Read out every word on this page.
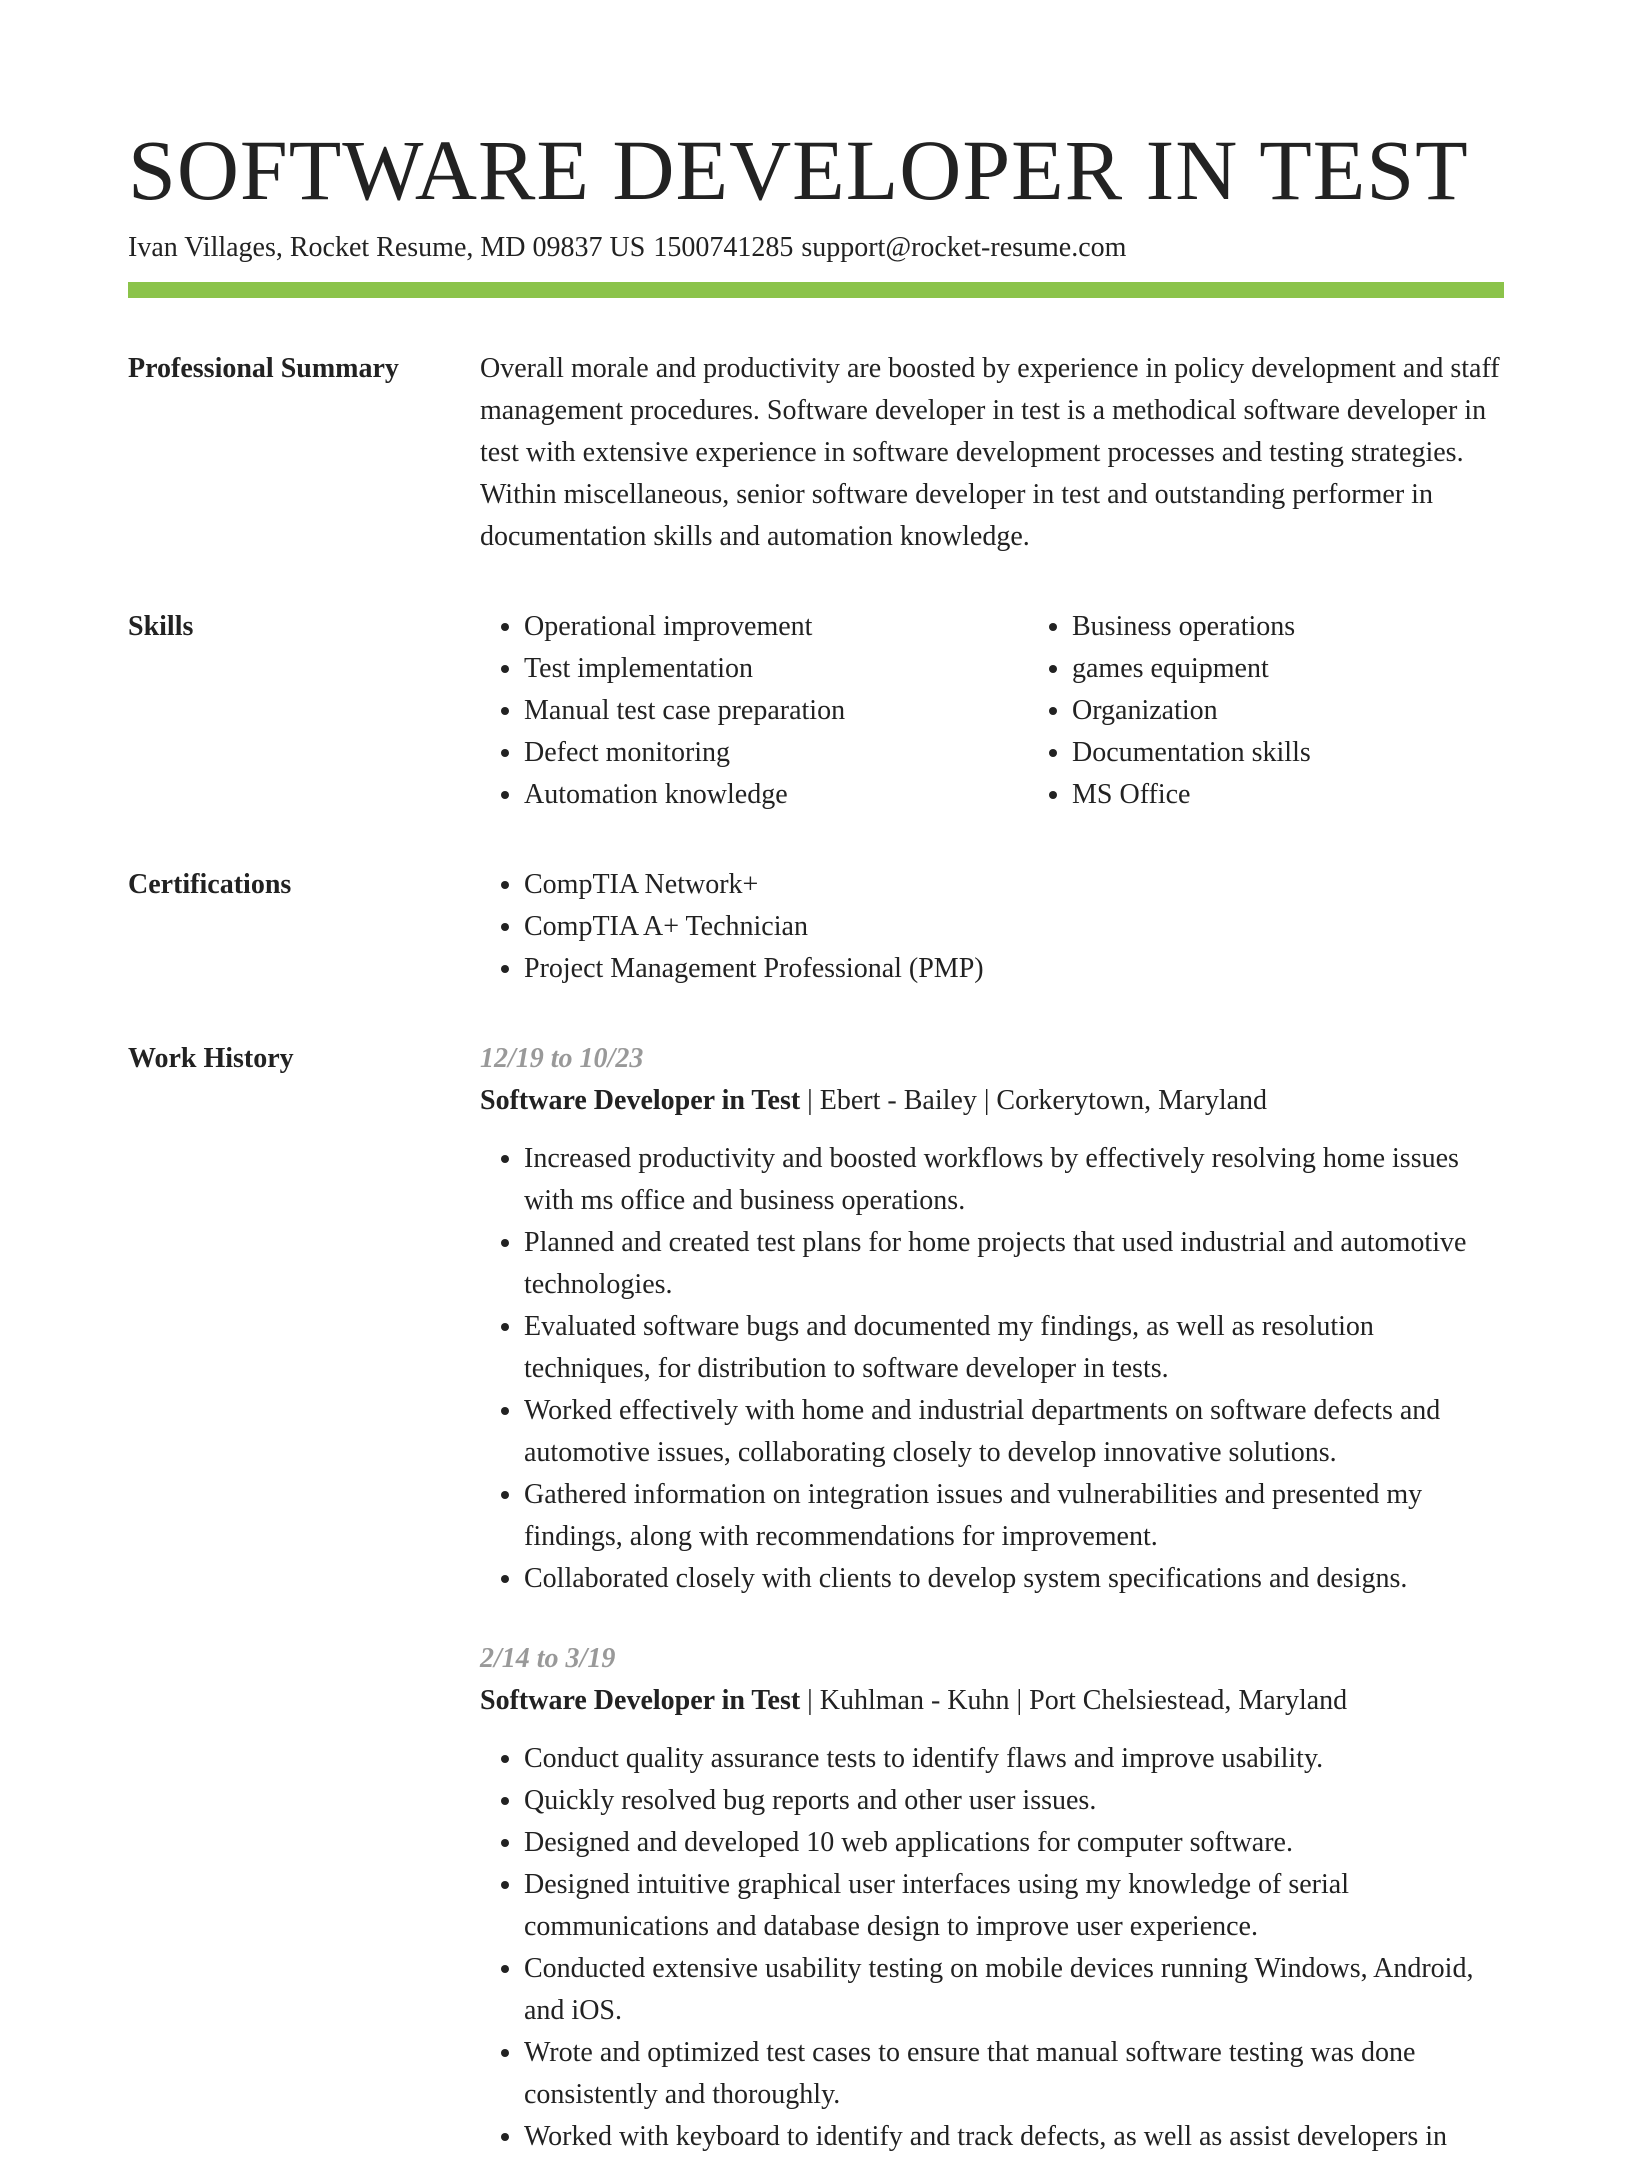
SOFTWARE DEVELOPER IN TEST
Ivan Villages, Rocket Resume, MD 09837 US 1500741285 support@rocket-resume.com
Professional Summary	Overall morale and productivity are boosted by experience in policy development and staff management procedures. Software developer in test is a methodical software developer in test with extensive experience in software development processes and testing strategies. Within miscellaneous, senior software developer in test and outstanding performer in documentation skills and automation knowledge.

Skills	• Operational improvement
• Test implementation
• Manual test case preparation
• Defect monitoring
• Automation knowledge
• Business operations
• games equipment
• Organization
• Documentation skills
• MS Office
Certifications	• CompTIA Network+
• CompTIA A+ Technician
• Project Management Professional (PMP)
Work History	12/19 to 10/23
Software Developer in Test | Ebert - Bailey | Corkerytown, Maryland
• Increased productivity and boosted workflows by effectively resolving home issues with ms office and business operations.
• Planned and created test plans for home projects that used industrial and automotive technologies.
• Evaluated software bugs and documented my findings, as well as resolution techniques, for distribution to software developer in tests.
• Worked effectively with home and industrial departments on software defects and automotive issues, collaborating closely to develop innovative solutions.
• Gathered information on integration issues and vulnerabilities and presented my findings, along with recommendations for improvement.
• Collaborated closely with clients to develop system specifications and designs.
2/14 to 3/19
Software Developer in Test | Kuhlman - Kuhn | Port Chelsiestead, Maryland
• Conduct quality assurance tests to identify flaws and improve usability.
• Quickly resolved bug reports and other user issues.
• Designed and developed 10 web applications for computer software.
• Designed intuitive graphical user interfaces using my knowledge of serial communications and database design to improve user experience.
• Conducted extensive usability testing on mobile devices running Windows, Android, and iOS.
• Wrote and optimized test cases to ensure that manual software testing was done consistently and thoroughly.
• Worked with keyboard to identify and track defects, as well as assist developers in
